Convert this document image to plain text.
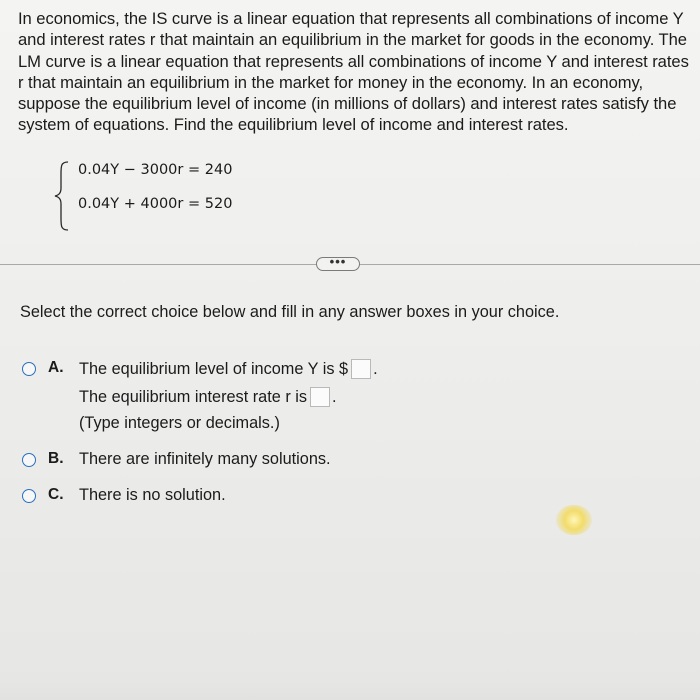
In economics, the IS curve is a linear equation that represents all combinations of income Y and interest rates r that maintain an equilibrium in the market for goods in the economy. The LM curve is a linear equation that represents all combinations of income Y and interest rates r that maintain an equilibrium in the market for money in the economy. In an economy, suppose the equilibrium level of income (in millions of dollars) and interest rates satisfy the system of equations. Find the equilibrium level of income and interest rates.
0.04Y − 3000r = 240
0.04Y + 4000r = 520
•••
Select the correct choice below and fill in any answer boxes in your choice.
A. The equilibrium level of income Y is $ .
The equilibrium interest rate r is .
(Type integers or decimals.)
B. There are infinitely many solutions.
C. There is no solution.
